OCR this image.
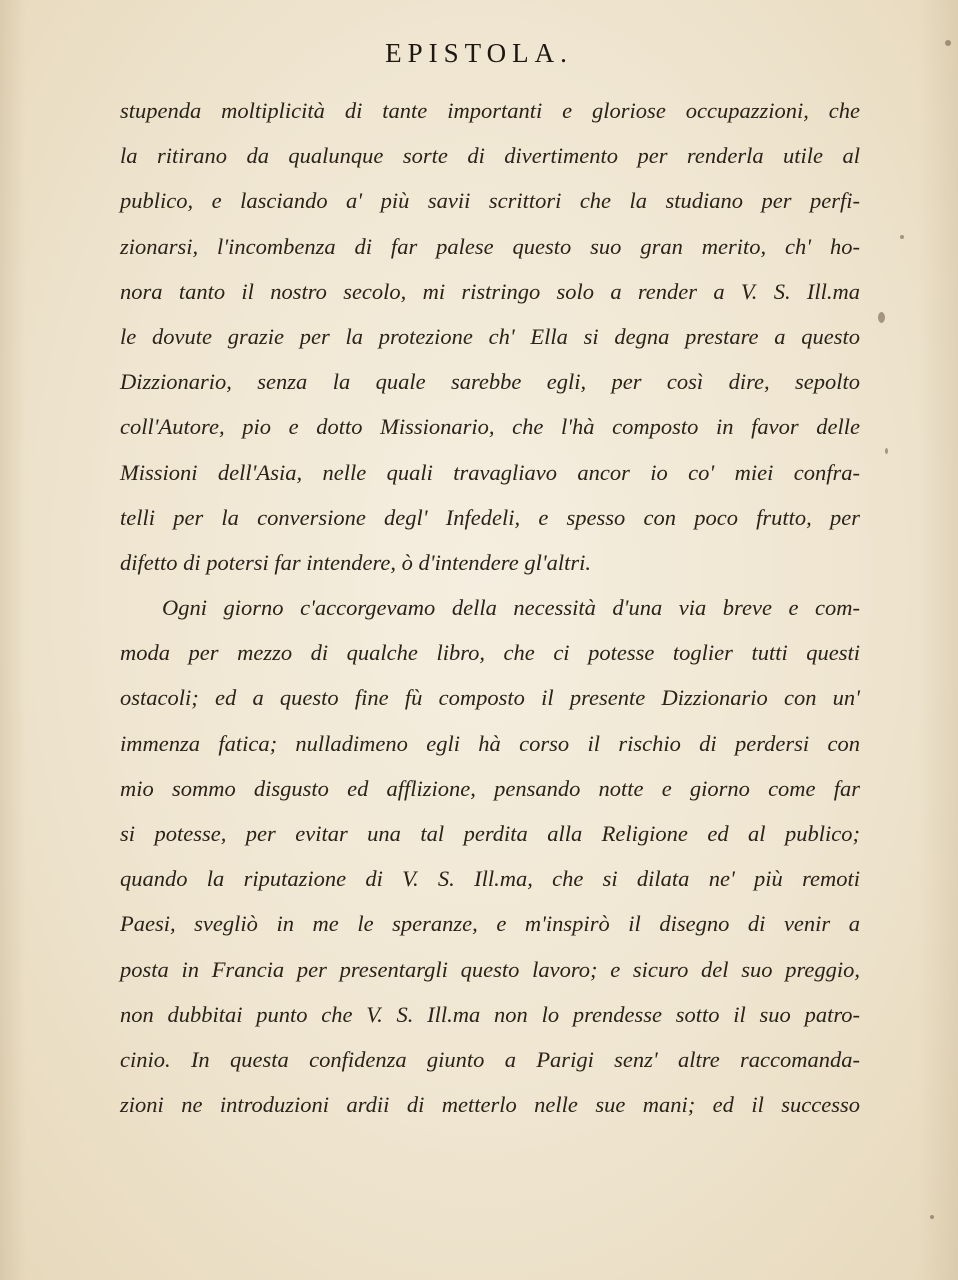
EPISTOLA.
stupenda moltiplicità di tante importanti e gloriose occupazzioni, che
la ritirano da qualunque sorte di divertimento per renderla utile al
publico, e lasciando a' più savii scrittori che la studiano per perfi-
zionarsi, l'incombenza di far palese questo suo gran merito, ch' ho-
nora tanto il nostro secolo, mi ristringo solo a render a V. S. Ill.ma
le dovute grazie per la protezione ch' Ella si degna prestare a questo
Dizzionario, senza la quale sarebbe egli, per così dire, sepolto
coll'Autore, pio e dotto Missionario, che l'hà composto in favor delle
Missioni dell'Asia, nelle quali travagliavo ancor io co' miei confra-
telli per la conversione degl' Infedeli, e spesso con poco frutto, per
difetto di potersi far intendere, ò d'intendere gl'altri.
Ogni giorno c'accorgevamo della necessità d'una via breve e com-
moda per mezzo di qualche libro, che ci potesse toglier tutti questi
ostacoli; ed a questo fine fù composto il presente Dizzionario con un'
immenza fatica; nulladimeno egli hà corso il rischio di perdersi con
mio sommo disgusto ed afflizione, pensando notte e giorno come far
si potesse, per evitar una tal perdita alla Religione ed al publico;
quando la riputazione di V. S. Ill.ma, che si dilata ne' più remoti
Paesi, svegliò in me le speranze, e m'inspirò il disegno di venir a
posta in Francia per presentargli questo lavoro; e sicuro del suo preggio,
non dubbitai punto che V. S. Ill.ma non lo prendesse sotto il suo patro-
cinio. In questa confidenza giunto a Parigi senz' altre raccomanda-
zioni ne introduzioni ardii di metterlo nelle sue mani; ed il successo
